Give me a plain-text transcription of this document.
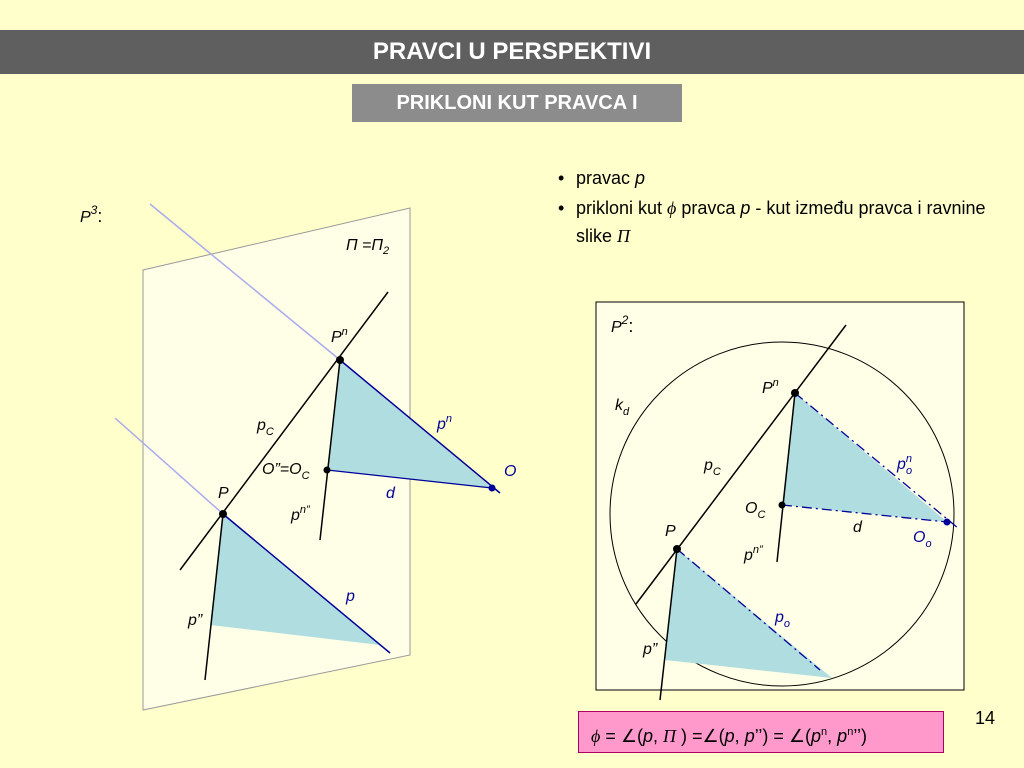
PRAVCI U PERSPEKTIVI
PRIKLONI KUT PRAVCA I
• pravac p
• prikloni kut ϕ pravca p - kut između pravca i ravnine slike Π
$P^3$:
$\Pi =\Pi_2$
$P^n$
$p_C$	$p^n$
$O”=O_C$	O
d
P
$p^{n”}$
p
p”
$P^2$:
$k_d$
$P^n$
$p_C$	$p^n$ o
$O_C$
d
$O_o$
P
$p^{n”}$
$p_o$
p”
ϕ = ∠(p, Π ) =∠(p, p’’) = $\angle(p^n$, $p^n$’’)
14
